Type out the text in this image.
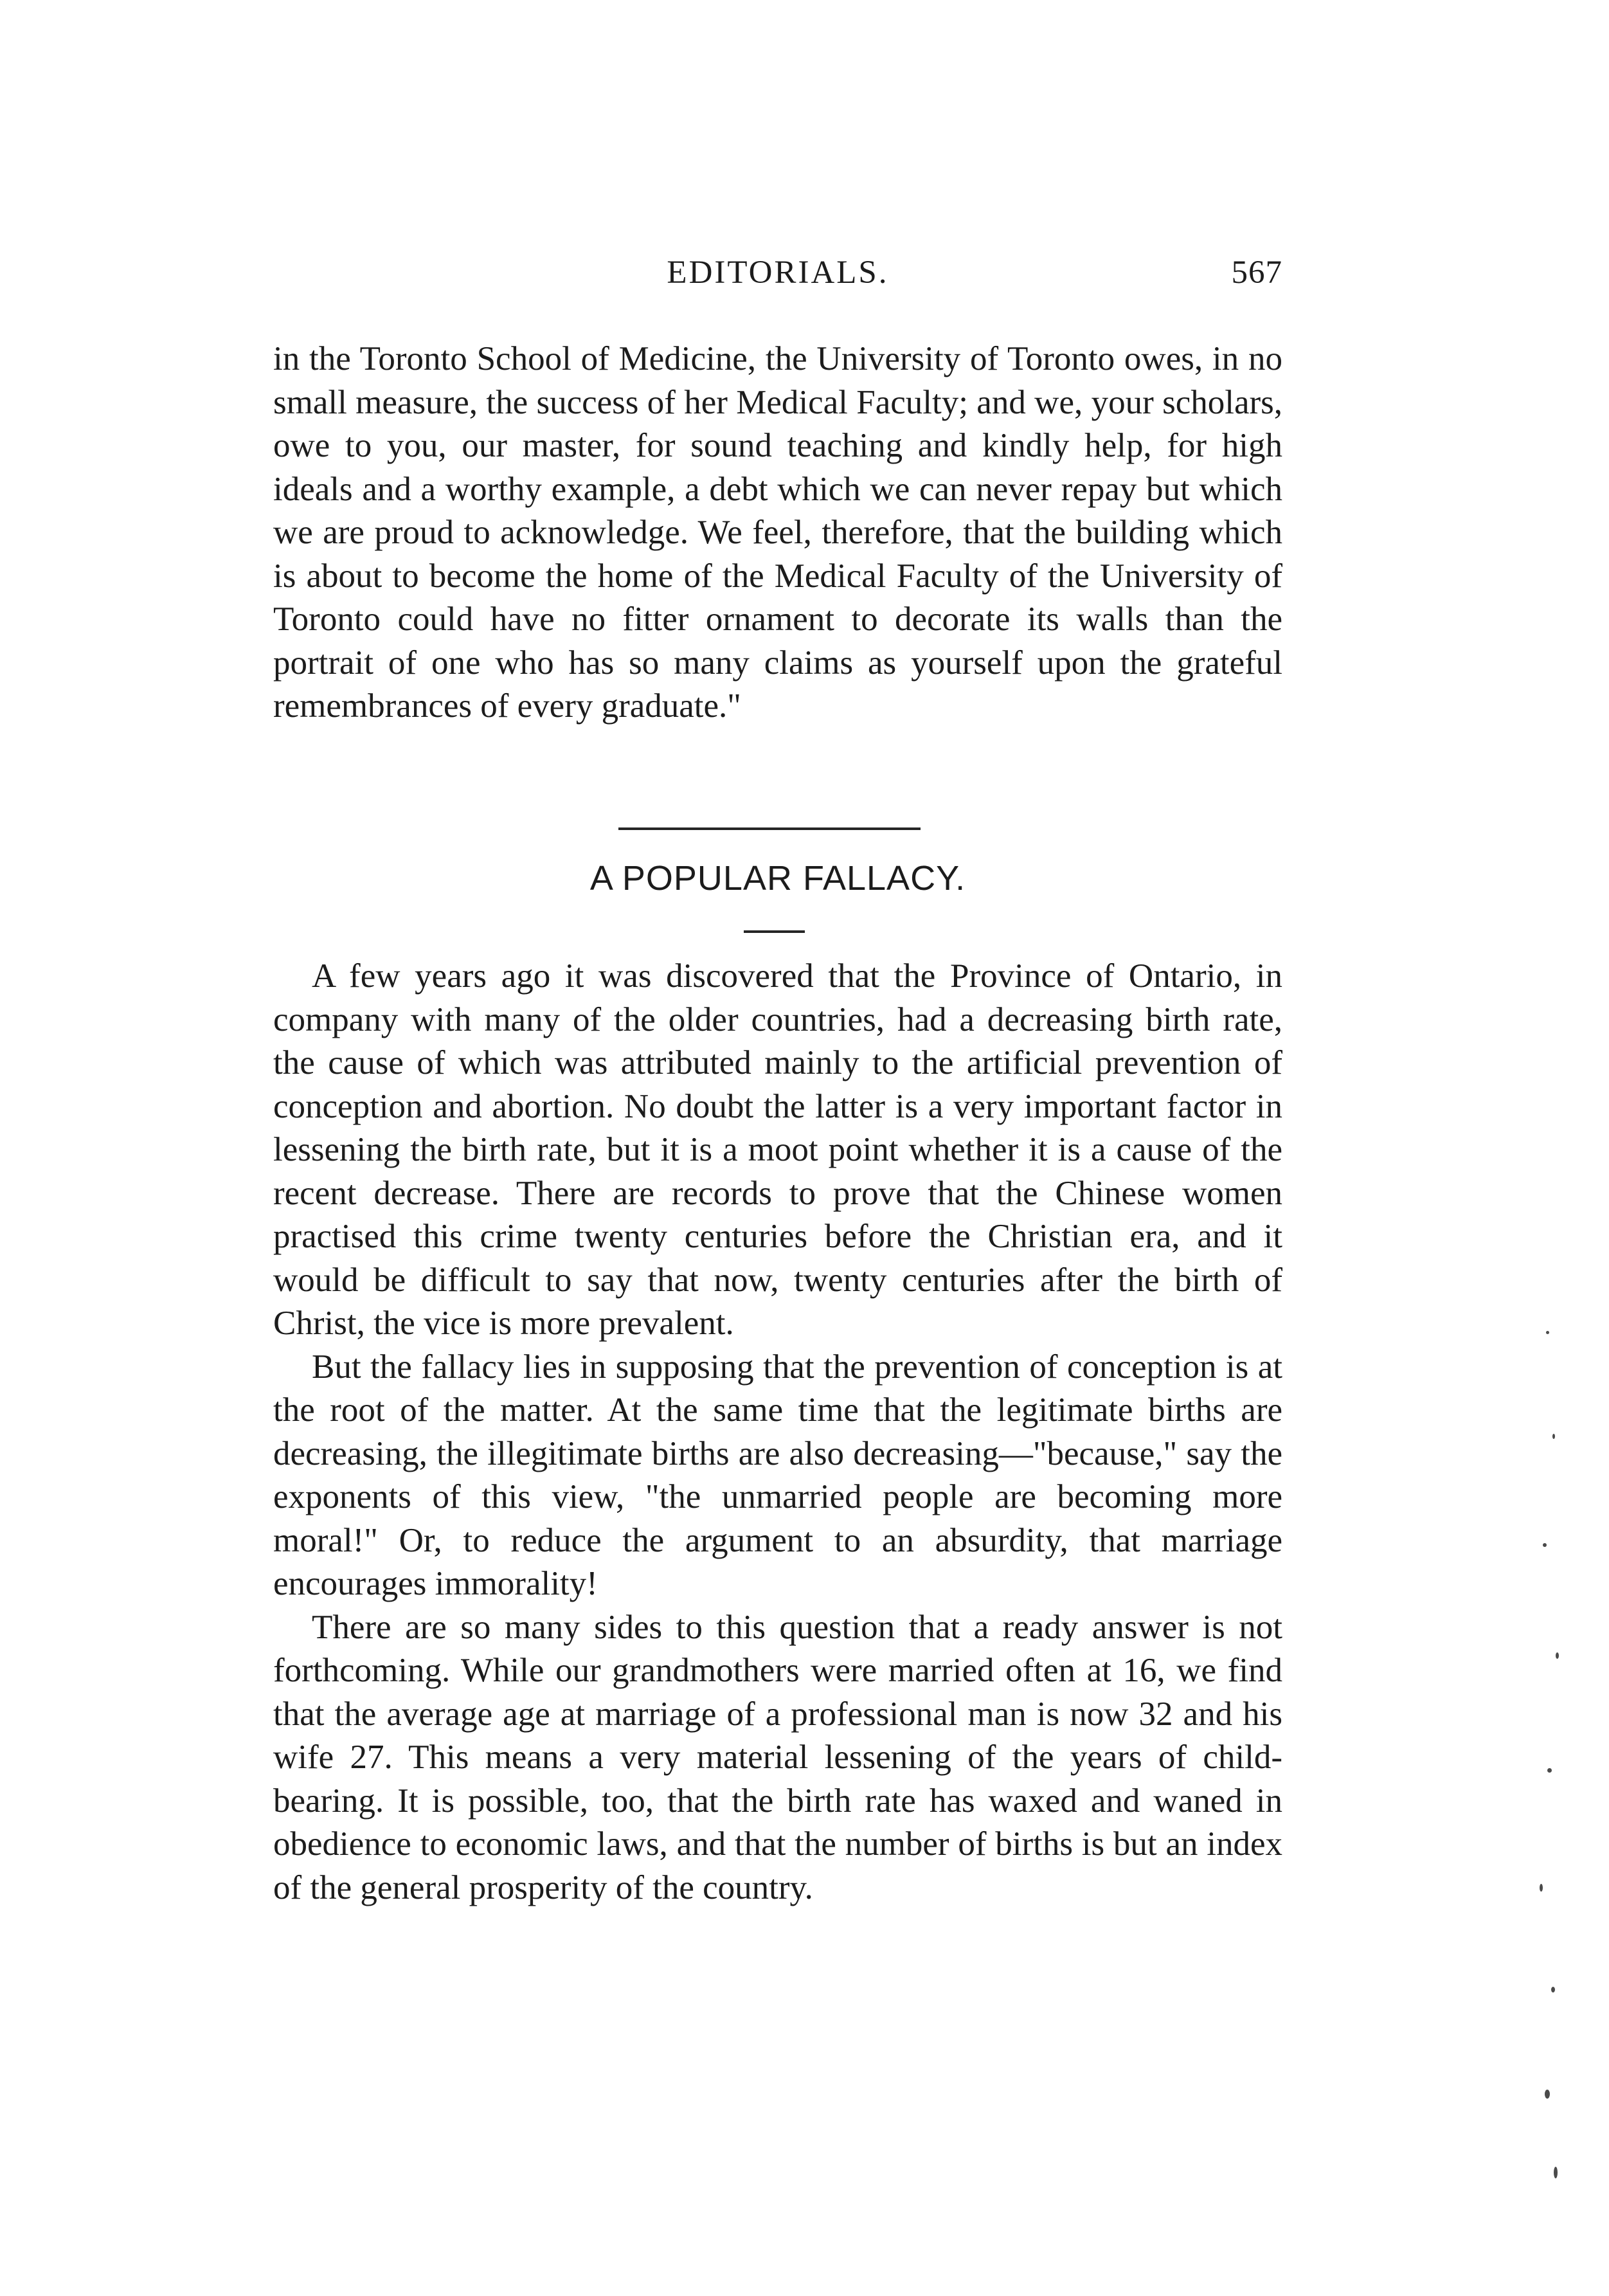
EDITORIALS.	567

in the Toronto School of Medicine, the University of Toronto owes, in no small measure, the success of her Medical Faculty; and we, your scholars, owe to you, our master, for sound teaching and kindly help, for high ideals and a worthy example, a debt which we can never repay but which we are proud to acknowledge. We feel, therefore, that the building which is about to become the home of the Medical Faculty of the University of Toronto could have no fitter ornament to decorate its walls than the portrait of one who has so many claims as yourself upon the grateful remembrances of every graduate."

A POPULAR FALLACY.

A few years ago it was discovered that the Province of Ontario, in company with many of the older countries, had a decreasing birth rate, the cause of which was attributed mainly to the artificial prevention of conception and abortion. No doubt the latter is a very important factor in lessening the birth rate, but it is a moot point whether it is a cause of the recent decrease. There are records to prove that the Chinese women practised this crime twenty centuries before the Christian era, and it would be difficult to say that now, twenty centuries after the birth of Christ, the vice is more prevalent.

But the fallacy lies in supposing that the prevention of conception is at the root of the matter. At the same time that the legitimate births are decreasing, the illegitimate births are also decreasing—"because," say the exponents of this view, "the unmarried people are becoming more moral!" Or, to reduce the argument to an absurdity, that marriage encourages immorality!

There are so many sides to this question that a ready answer is not forthcoming. While our grandmothers were married often at 16, we find that the average age at marriage of a professional man is now 32 and his wife 27. This means a very material lessening of the years of child-bearing. It is possible, too, that the birth rate has waxed and waned in obedience to economic laws, and that the number of births is but an index of the general prosperity of the country.
